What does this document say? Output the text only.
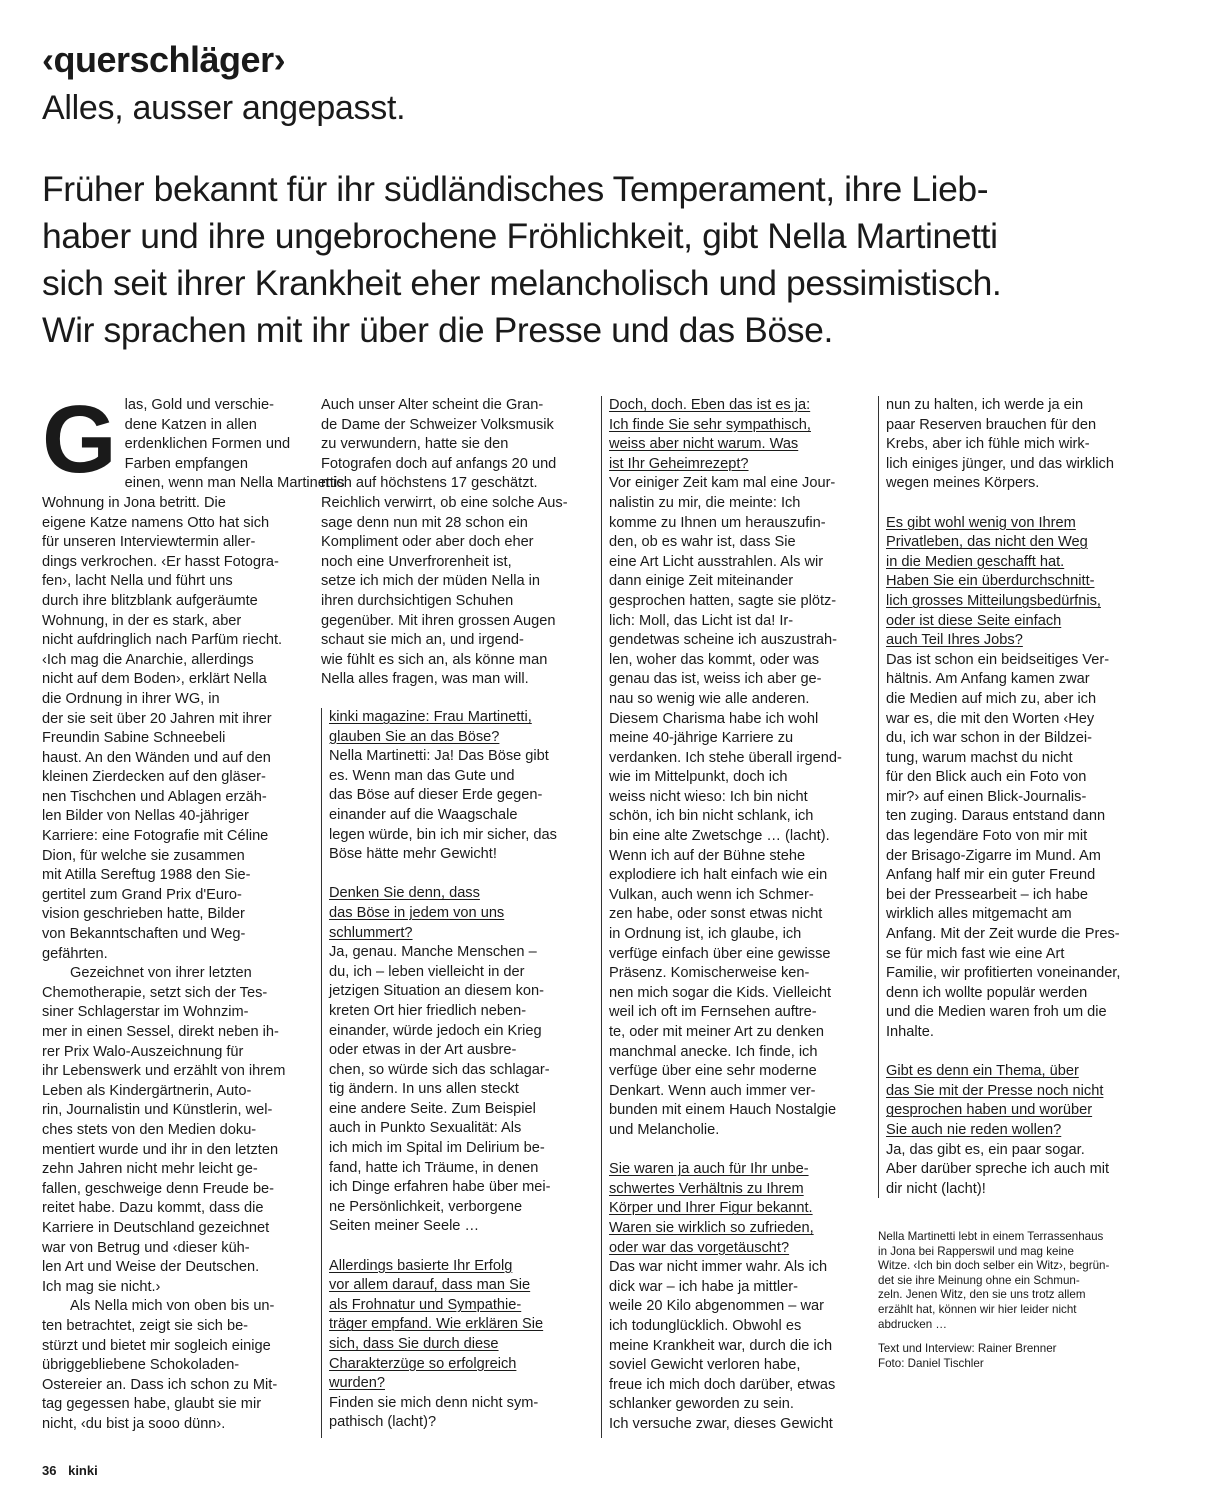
‹querschläger›
Alles, ausser angepasst.

Früher bekannt für ihr südländisches Temperament, ihre Lieb-

haber und ihre ungebrochene Fröhlichkeit, gibt Nella Martinetti

sich seit ihrer Krankheit eher melancholisch und pessimistisch.

Wir sprachen mit ihr über die Presse und das Böse.

G las, Gold und verschie-

dene Katzen in allen

erdenklichen Formen und

Farben empfangen

einen, wenn man Nella Martinettis

Wohnung in Jona betritt. Die

eigene Katze namens Otto hat sich

für unseren Interviewtermin aller-

dings verkrochen. ‹Er hasst Fotogra-

fen›, lacht Nella und führt uns

durch ihre blitzblank aufgeräumte

Wohnung, in der es stark, aber

nicht aufdringlich nach Parfüm riecht.

‹Ich mag die Anarchie, allerdings

nicht auf dem Boden›, erklärt Nella

die Ordnung in ihrer WG, in

der sie seit über 20 Jahren mit ihrer

Freundin Sabine Schneebeli

haust. An den Wänden und auf den

kleinen Zierdecken auf den gläser-

nen Tischchen und Ablagen erzäh-

len Bilder von Nellas 40-jähriger

Karriere: eine Fotografie mit Céline

Dion, für welche sie zusammen

mit Atilla Sereftug 1988 den Sie-

gertitel zum Grand Prix d'Euro-

vision geschrieben hatte, Bilder

von Bekanntschaften und Weg-

gefährten.

Gezeichnet von ihrer letzten

Chemotherapie, setzt sich der Tes-

siner Schlagerstar im Wohnzim-

mer in einen Sessel, direkt neben ih-

rer Prix Walo-Auszeichnung für

ihr Lebenswerk und erzählt von ihrem

Leben als Kindergärtnerin, Auto-

rin, Journalistin und Künstlerin, wel-

ches stets von den Medien doku-

mentiert wurde und ihr in den letzten

zehn Jahren nicht mehr leicht ge-

fallen, geschweige denn Freude be-

reitet habe. Dazu kommt, dass die

Karriere in Deutschland gezeichnet

war von Betrug und ‹dieser küh-

len Art und Weise der Deutschen.

Ich mag sie nicht.›

Als Nella mich von oben bis un-

ten betrachtet, zeigt sie sich be-

stürzt und bietet mir sogleich einige

übriggebliebene Schokoladen-

Ostereier an. Dass ich schon zu Mit-

tag gegessen habe, glaubt sie mir

nicht, ‹du bist ja sooo dünn›.

Auch unser Alter scheint die Gran-

de Dame der Schweizer Volksmusik

zu verwundern, hatte sie den

Fotografen doch auf anfangs 20 und

mich auf höchstens 17 geschätzt.

Reichlich verwirrt, ob eine solche Aus-

sage denn nun mit 28 schon ein

Kompliment oder aber doch eher

noch eine Unverfrorenheit ist,

setze ich mich der müden Nella in

ihren durchsichtigen Schuhen

gegenüber. Mit ihren grossen Augen

schaut sie mich an, und irgend-

wie fühlt es sich an, als könne man

Nella alles fragen, was man will.

kinki magazine: Frau Martinetti,

glauben Sie an das Böse?

Nella Martinetti: Ja! Das Böse gibt

es. Wenn man das Gute und

das Böse auf dieser Erde gegen-

einander auf die Waagschale

legen würde, bin ich mir sicher, das

Böse hätte mehr Gewicht!

Denken Sie denn, dass

das Böse in jedem von uns

schlummert?

Ja, genau. Manche Menschen –

du, ich – leben vielleicht in der

jetzigen Situation an diesem kon-

kreten Ort hier friedlich neben-

einander, würde jedoch ein Krieg

oder etwas in der Art ausbre-

chen, so würde sich das schlagar-

tig ändern. In uns allen steckt

eine andere Seite. Zum Beispiel

auch in Punkto Sexualität: Als

ich mich im Spital im Delirium be-

fand, hatte ich Träume, in denen

ich Dinge erfahren habe über mei-

ne Persönlichkeit, verborgene

Seiten meiner Seele …

Allerdings basierte Ihr Erfolg

vor allem darauf, dass man Sie

als Frohnatur und Sympathie-

träger empfand. Wie erklären Sie

sich, dass Sie durch diese

Charakterzüge so erfolgreich

wurden?

Finden sie mich denn nicht sym-

pathisch (lacht)?

Doch, doch. Eben das ist es ja:

Ich finde Sie sehr sympathisch,

weiss aber nicht warum. Was

ist Ihr Geheimrezept?

Vor einiger Zeit kam mal eine Jour-

nalistin zu mir, die meinte: Ich

komme zu Ihnen um herauszufin-

den, ob es wahr ist, dass Sie

eine Art Licht ausstrahlen. Als wir

dann einige Zeit miteinander

gesprochen hatten, sagte sie plötz-

lich: Moll, das Licht ist da! Ir-

gendetwas scheine ich auszustrah-

len, woher das kommt, oder was

genau das ist, weiss ich aber ge-

nau so wenig wie alle anderen.

Diesem Charisma habe ich wohl

meine 40-jährige Karriere zu

verdanken. Ich stehe überall irgend-

wie im Mittelpunkt, doch ich

weiss nicht wieso: Ich bin nicht

schön, ich bin nicht schlank, ich

bin eine alte Zwetschge … (lacht).

Wenn ich auf der Bühne stehe

explodiere ich halt einfach wie ein

Vulkan, auch wenn ich Schmer-

zen habe, oder sonst etwas nicht

in Ordnung ist, ich glaube, ich

verfüge einfach über eine gewisse

Präsenz. Komischerweise ken-

nen mich sogar die Kids. Vielleicht

weil ich oft im Fernsehen auftre-

te, oder mit meiner Art zu denken

manchmal anecke. Ich finde, ich

verfüge über eine sehr moderne

Denkart. Wenn auch immer ver-

bunden mit einem Hauch Nostalgie

und Melancholie.

Sie waren ja auch für Ihr unbe-

schwertes Verhältnis zu Ihrem

Körper und Ihrer Figur bekannt.

Waren sie wirklich so zufrieden,

oder war das vorgetäuscht?

Das war nicht immer wahr. Als ich

dick war – ich habe ja mittler-

weile 20 Kilo abgenommen – war

ich todunglücklich. Obwohl es

meine Krankheit war, durch die ich

soviel Gewicht verloren habe,

freue ich mich doch darüber, etwas

schlanker geworden zu sein.

Ich versuche zwar, dieses Gewicht

nun zu halten, ich werde ja ein

paar Reserven brauchen für den

Krebs, aber ich fühle mich wirk-

lich einiges jünger, und das wirklich

wegen meines Körpers.

Es gibt wohl wenig von Ihrem

Privatleben, das nicht den Weg

in die Medien geschafft hat.

Haben Sie ein überdurchschnitt-

lich grosses Mitteilungsbedürfnis,

oder ist diese Seite einfach

auch Teil Ihres Jobs?

Das ist schon ein beidseitiges Ver-

hältnis. Am Anfang kamen zwar

die Medien auf mich zu, aber ich

war es, die mit den Worten ‹Hey

du, ich war schon in der Bildzei-

tung, warum machst du nicht

für den Blick auch ein Foto von

mir?› auf einen Blick-Journalis-

ten zuging. Daraus entstand dann

das legendäre Foto von mir mit

der Brisago-Zigarre im Mund. Am

Anfang half mir ein guter Freund

bei der Pressearbeit – ich habe

wirklich alles mitgemacht am

Anfang. Mit der Zeit wurde die Pres-

se für mich fast wie eine Art

Familie, wir profitierten voneinander,

denn ich wollte populär werden

und die Medien waren froh um die

Inhalte.

Gibt es denn ein Thema, über

das Sie mit der Presse noch nicht

gesprochen haben und worüber

Sie auch nie reden wollen?

Ja, das gibt es, ein paar sogar.

Aber darüber spreche ich auch mit

dir nicht (lacht)!

Nella Martinetti lebt in einem Terrassenhaus

in Jona bei Rapperswil und mag keine

Witze. ‹Ich bin doch selber ein Witz›, begrün-

det sie ihre Meinung ohne ein Schmun-

zeln. Jenen Witz, den sie uns trotz allem

erzählt hat, können wir hier leider nicht

abdrucken …

Text und Interview: Rainer Brenner

Foto: Daniel Tischler

36 kinki
